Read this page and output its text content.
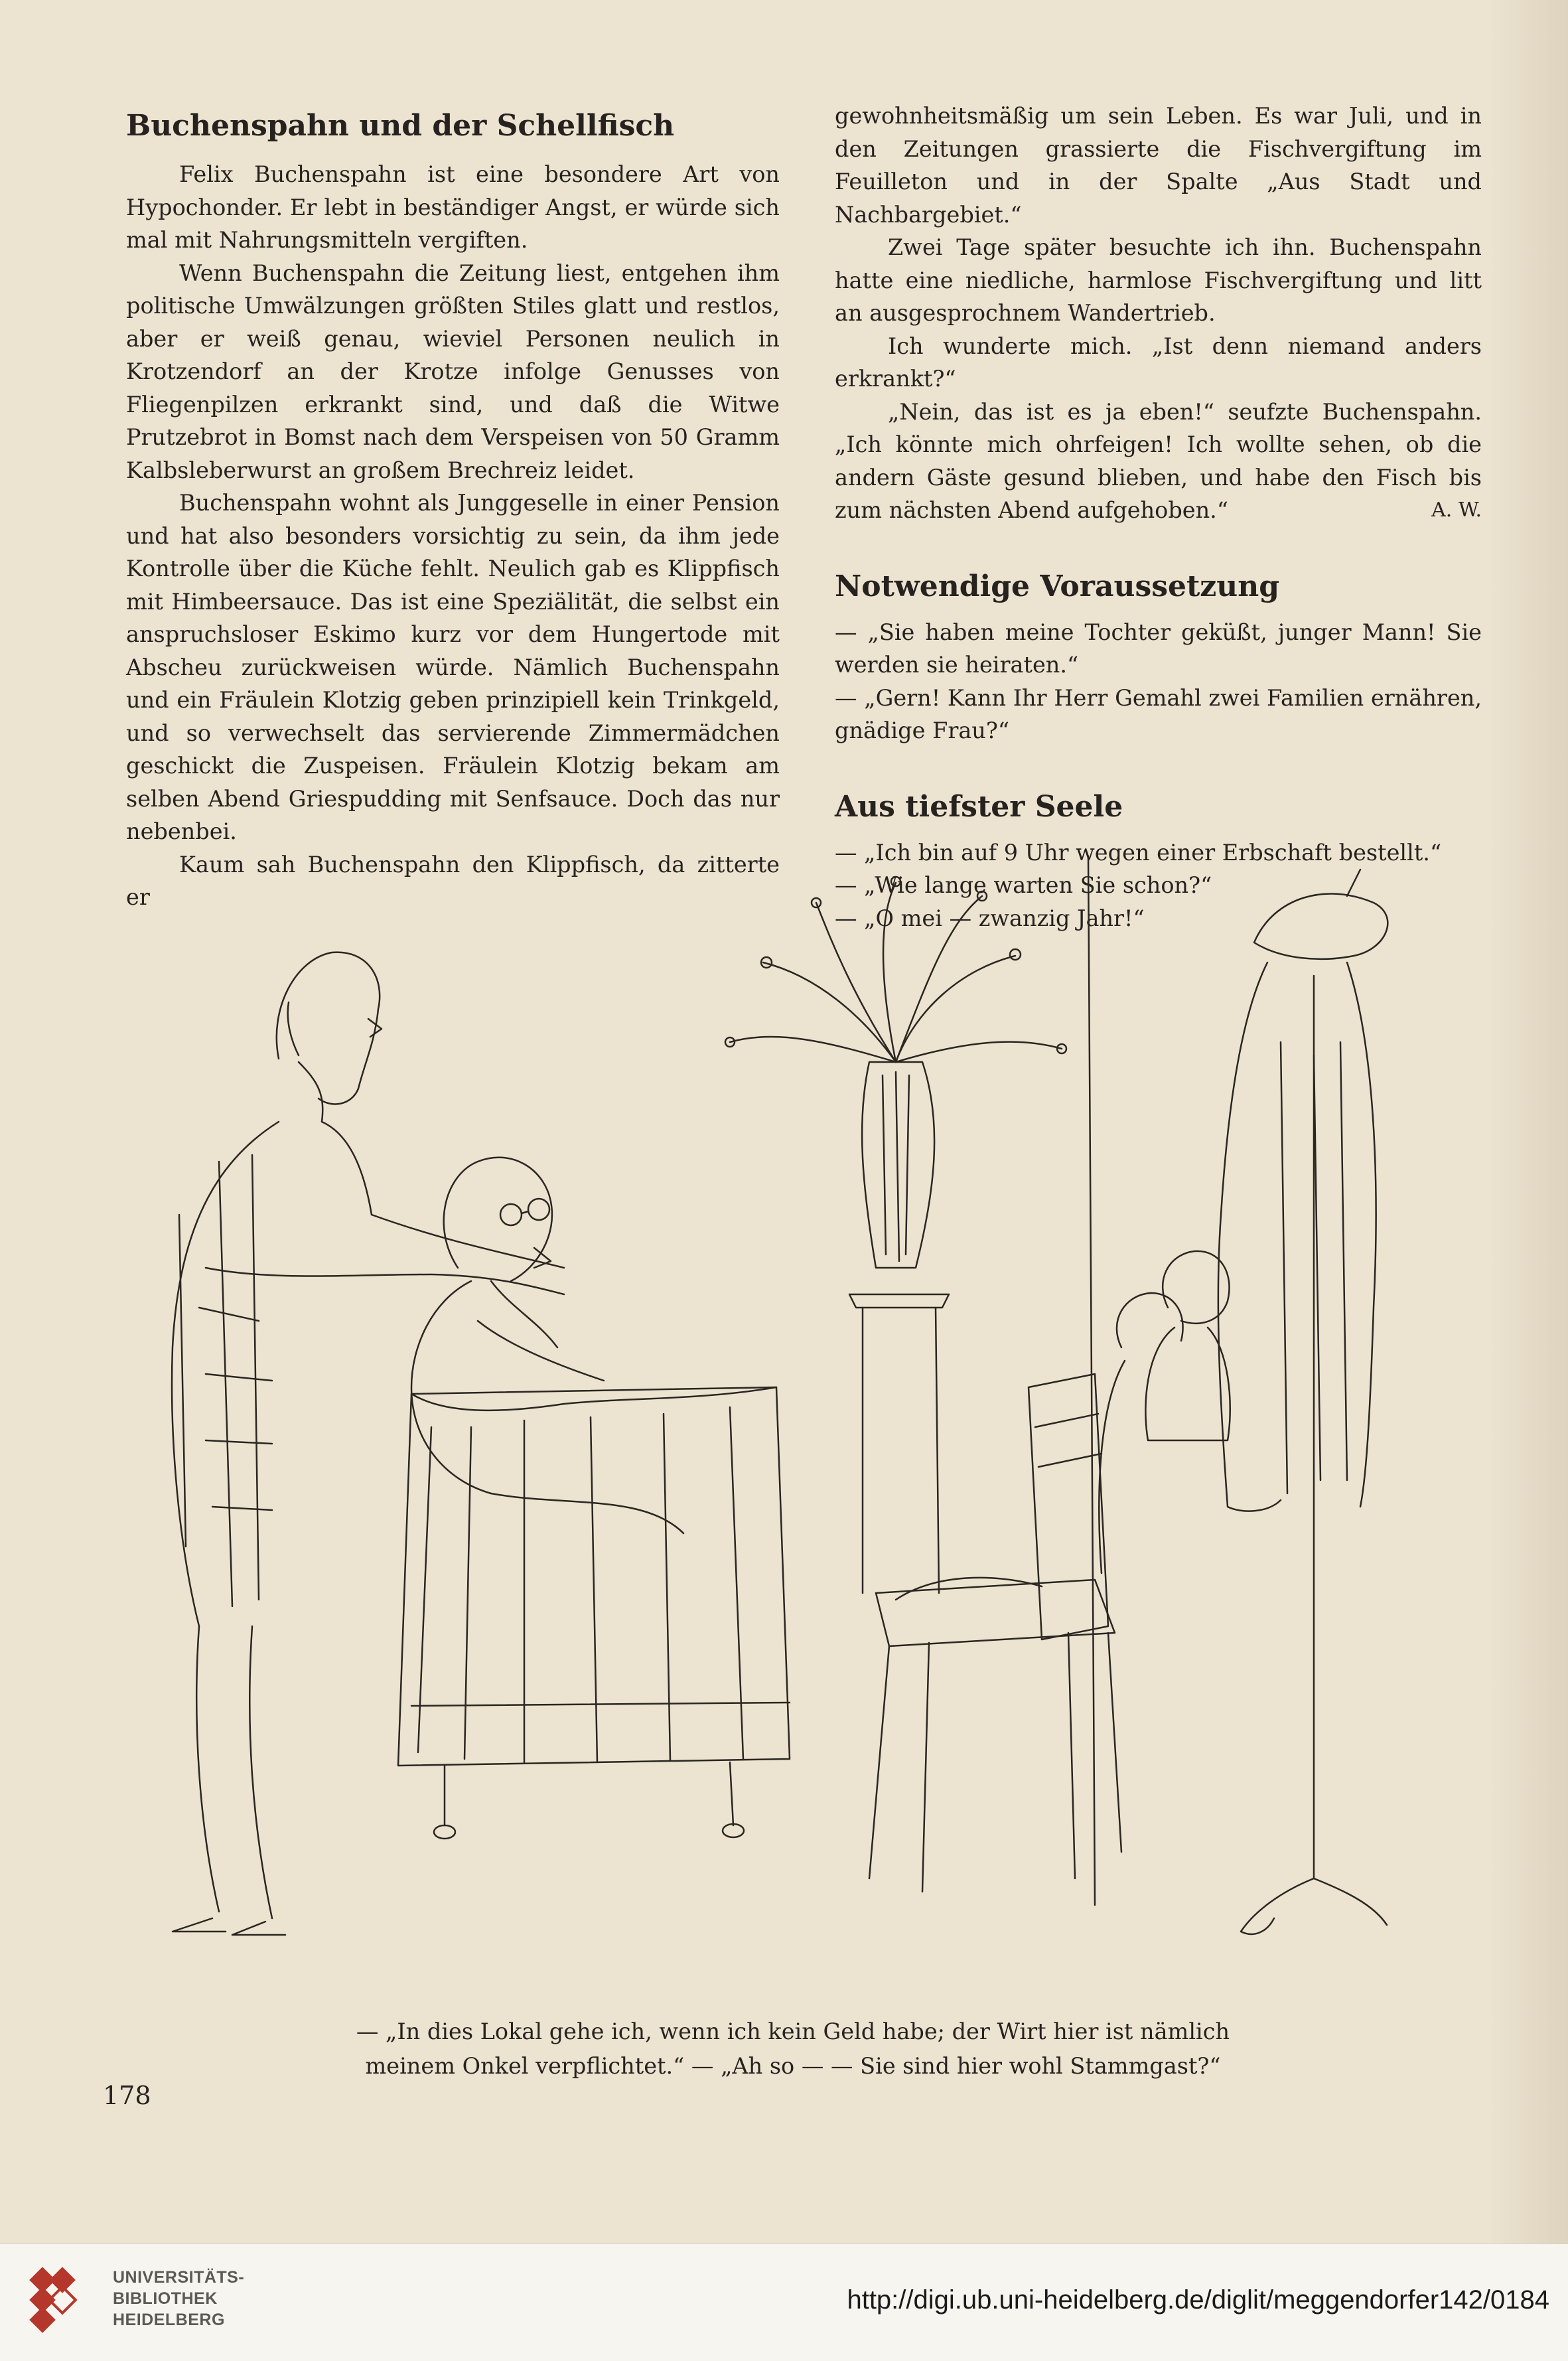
Buchenspahn und der Schellfisch

Felix Buchenspahn ist eine besondere Art von Hypochonder. Er lebt in beständiger Angst, er würde sich mal mit Nahrungsmitteln vergiften.

Wenn Buchenspahn die Zeitung liest, entgehen ihm politische Umwälzungen größten Stiles glatt und restlos, aber er weiß genau, wieviel Personen neulich in Krotzendorf an der Krotze infolge Genusses von Fliegenpilzen erkrankt sind, und daß die Witwe Prutzebrot in Bomst nach dem Verspeisen von 50 Gramm Kalbsleberwurst an großem Brechreiz leidet.

Buchenspahn wohnt als Junggeselle in einer Pension und hat also besonders vorsichtig zu sein, da ihm jede Kontrolle über die Küche fehlt. Neulich gab es Klippfisch mit Himbeersauce. Das ist eine Speziälität, die selbst ein anspruchsloser Eskimo kurz vor dem Hungertode mit Abscheu zurückweisen würde. Nämlich Buchenspahn und ein Fräulein Klotzig geben prinzipiell kein Trinkgeld, und so verwechselt das servierende Zimmermädchen geschickt die Zuspeisen. Fräulein Klotzig bekam am selben Abend Griespudding mit Senfsauce. Doch das nur nebenbei.

Kaum sah Buchenspahn den Klippfisch, da zitterte er

gewohnheitsmäßig um sein Leben. Es war Juli, und in den Zeitungen grassierte die Fischvergiftung im Feuilleton und in der Spalte „Aus Stadt und Nachbargebiet.“

Zwei Tage später besuchte ich ihn. Buchenspahn hatte eine niedliche, harmlose Fischvergiftung und litt an ausgesprochnem Wandertrieb.

Ich wunderte mich. „Ist denn niemand anders erkrankt?“

„Nein, das ist es ja eben!“ seufzte Buchenspahn. „Ich könnte mich ohrfeigen! Ich wollte sehen, ob die andern Gäste gesund blieben, und habe den Fisch bis zum nächsten Abend aufgehoben.“	A. W.

Notwendige Voraussetzung

— „Sie haben meine Tochter geküßt, junger Mann! Sie werden sie heiraten.“

— „Gern! Kann Ihr Herr Gemahl zwei Familien ernähren, gnädige Frau?“

Aus tiefster Seele

— „Ich bin auf 9 Uhr wegen einer Erbschaft bestellt.“

— „Wie lange warten Sie schon?“

— „O mei — zwanzig Jahr!“

— „In dies Lokal gehe ich, wenn ich kein Geld habe; der Wirt hier ist nämlich
meinem Onkel verpflichtet.“ — „Ah so — — Sie sind hier wohl Stammgast?“
178
UNIVERSITÄTS-
BIBLIOTHEK
HEIDELBERG
http://digi.ub.uni-heidelberg.de/diglit/meggendorfer142/0184
